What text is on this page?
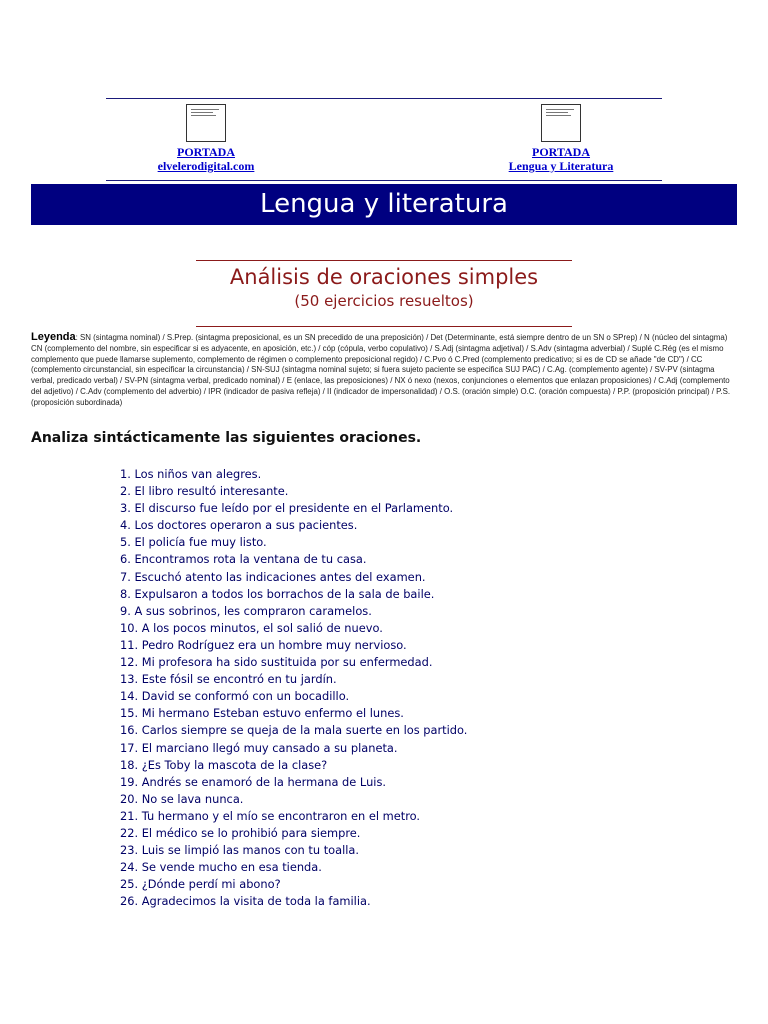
PORTADA
elvelerodigital.com
PORTADA
Lengua y Literatura
Lengua y literatura
Análisis de oraciones simples
(50 ejercicios resueltos)
Leyenda: SN (sintagma nominal) / S.Prep. (sintagma preposicional, es un SN precedido de una preposición) / Det (Determinante, está siempre dentro de un SN o SPrep) / N (núcleo del sintagma) CN (complemento del nombre, sin especificar si es adyacente, en aposición, etc.) / cóp (cópula, verbo copulativo) / S.Adj (sintagma adjetival) / S.Adv (sintagma adverbial) / Suplé C.Rég (es el mismo complemento que puede llamarse suplemento, complemento de régimen o complemento preposicional regido) / C.Pvo ó C.Pred (complemento predicativo; si es de CD se añade "de CD") / CC (complemento circunstancial, sin especificar la circunstancia) / SN-SUJ (sintagma nominal sujeto; si fuera sujeto paciente se especifica SUJ PAC) / C.Ag. (complemento agente) / SV-PV (sintagma verbal, predicado verbal) / SV-PN (sintagma verbal, predicado nominal) / E (enlace, las preposiciones) / NX ó nexo (nexos, conjunciones o elementos que enlazan proposiciones) / C.Adj (complemento del adjetivo) / C.Adv (complemento del adverbio) / IPR (indicador de pasiva refleja) / II (indicador de impersonalidad) / O.S. (oración simple) O.C. (oración compuesta) / P.P. (proposición principal) / P.S. (proposición subordinada)
Analiza sintácticamente las siguientes oraciones.
1. Los niños van alegres.
2. El libro resultó interesante.
3. El discurso fue leído por el presidente en el Parlamento.
4. Los doctores operaron a sus pacientes.
5. El policía fue muy listo.
6. Encontramos rota la ventana de tu casa.
7. Escuchó atento las indicaciones antes del examen.
8. Expulsaron a todos los borrachos de la sala de baile.
9. A sus sobrinos, les compraron caramelos.
10. A los pocos minutos, el sol salió de nuevo.
11. Pedro Rodríguez era un hombre muy nervioso.
12. Mi profesora ha sido sustituida por su enfermedad.
13. Este fósil se encontró en tu jardín.
14. David se conformó con un bocadillo.
15. Mi hermano Esteban estuvo enfermo el lunes.
16. Carlos siempre se queja de la mala suerte en los partido.
17. El marciano llegó muy cansado a su planeta.
18. ¿Es Toby la mascota de la clase?
19. Andrés se enamoró de la hermana de Luis.
20. No se lava nunca.
21. Tu hermano y el mío se encontraron en el metro.
22. El médico se lo prohibió para siempre.
23. Luis se limpió las manos con tu toalla.
24. Se vende mucho en esa tienda.
25. ¿Dónde perdí mi abono?
26. Agradecimos la visita de toda la familia.
